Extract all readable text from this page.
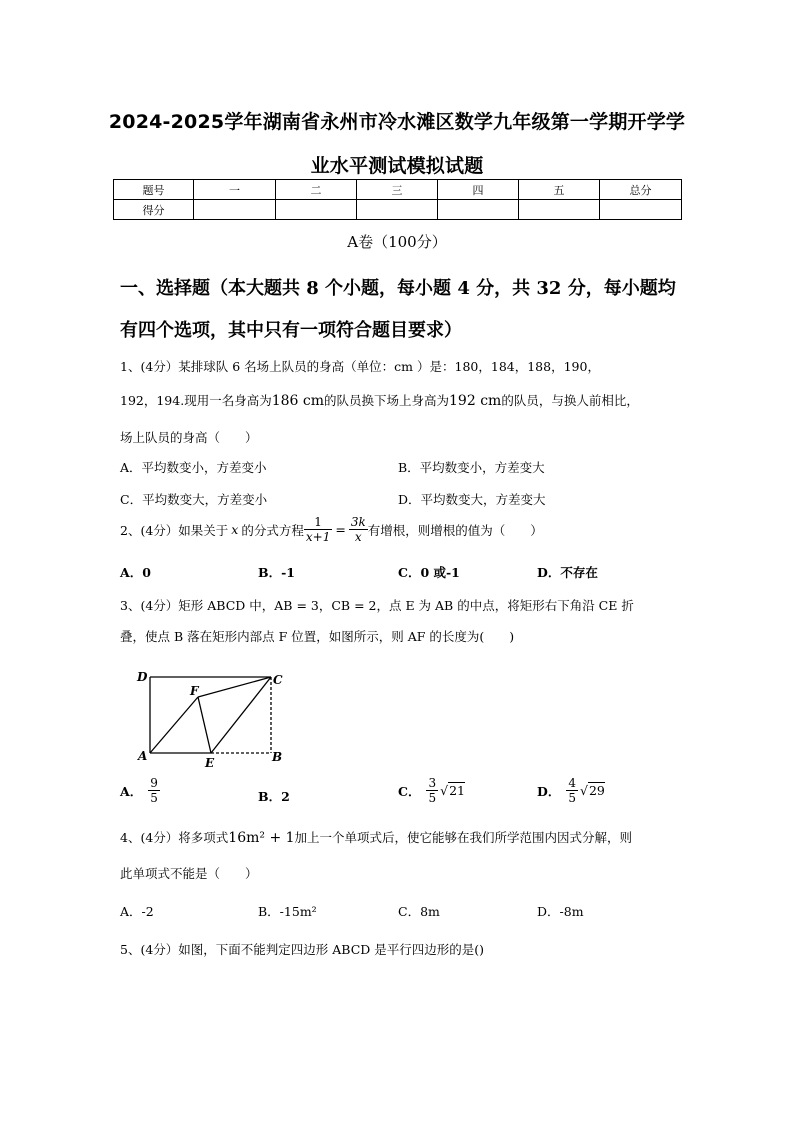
2024-2025学年湖南省永州市冷水滩区数学九年级第一学期开学学
业水平测试模拟试题
题号	一	二	三	四	五	总分
得分						
A卷（100分）
一、选择题（本大题共 8 个小题，每小题 4 分，共 32 分，每小题均
有四个选项，其中只有一项符合题目要求）
1、(4分）某排球队 6 名场上队员的身高（单位：cm ）是：180，184，188，190，
192，194.现用一名身高为186 cm的队员换下场上身高为192 cm的队员，与换人前相比，
场上队员的身高（　　）
A．平均数变小，方差变小	B．平均数变小，方差变大
C．平均数变大，方差变小	D．平均数变大，方差变大
2、(4分）如果关于 x 的分式方程 $\frac{1}{x+1} = \frac{3k}{x}$ 有增根，则增根的值为（　　）
A．0	B．-1	C．0 或-1	D．不存在
3、(4分）矩形 ABCD 中，AB = 3，CB = 2，点 E 为 AB 的中点，将矩形右下角沿 CE 折
叠，使点 B 落在矩形内部点 F 位置，如图所示，则 AF 的长度为(　　)
D	C
F
A	E	B
A． $\frac{9}{5}$	B．2	C． $\frac{3}{5} √21$	D． $\frac{4}{5} √29$
4、(4分）将多项式16m² + 1加上一个单项式后，使它能够在我们所学范围内因式分解，则
此单项式不能是（　　）
A．-2	B．-15m²	C．8m	D．-8m
5、(4分）如图，下面不能判定四边形 ABCD 是平行四边形的是()
